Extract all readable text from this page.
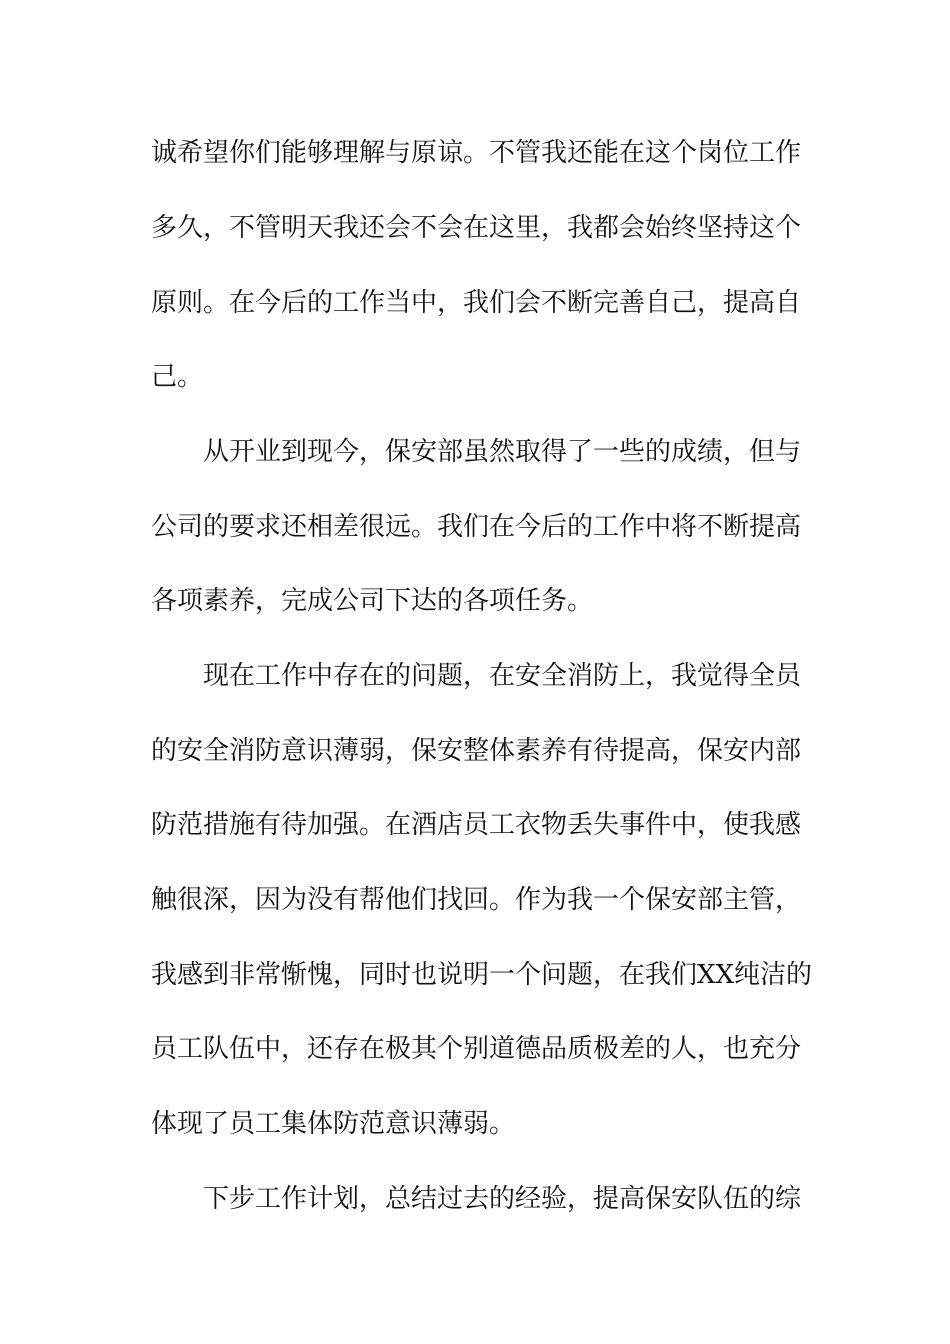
诚希望你们能够理解与原谅。不管我还能在这个岗位工作
多久，不管明天我还会不会在这里，我都会始终坚持这个
原则。在今后的工作当中，我们会不断完善自己，提高自
己。
从开业到现今，保安部虽然取得了一些的成绩，但与
公司的要求还相差很远。我们在今后的工作中将不断提高
各项素养，完成公司下达的各项任务。
现在工作中存在的问题，在安全消防上，我觉得全员
的安全消防意识薄弱，保安整体素养有待提高，保安内部
防范措施有待加强。在酒店员工衣物丢失事件中，使我感
触很深，因为没有帮他们找回。作为我一个保安部主管，
我感到非常惭愧，同时也说明一个问题，在我们XX纯洁的
员工队伍中，还存在极其个别道德品质极差的人，也充分
体现了员工集体防范意识薄弱。
下步工作计划，总结过去的经验，提高保安队伍的综
